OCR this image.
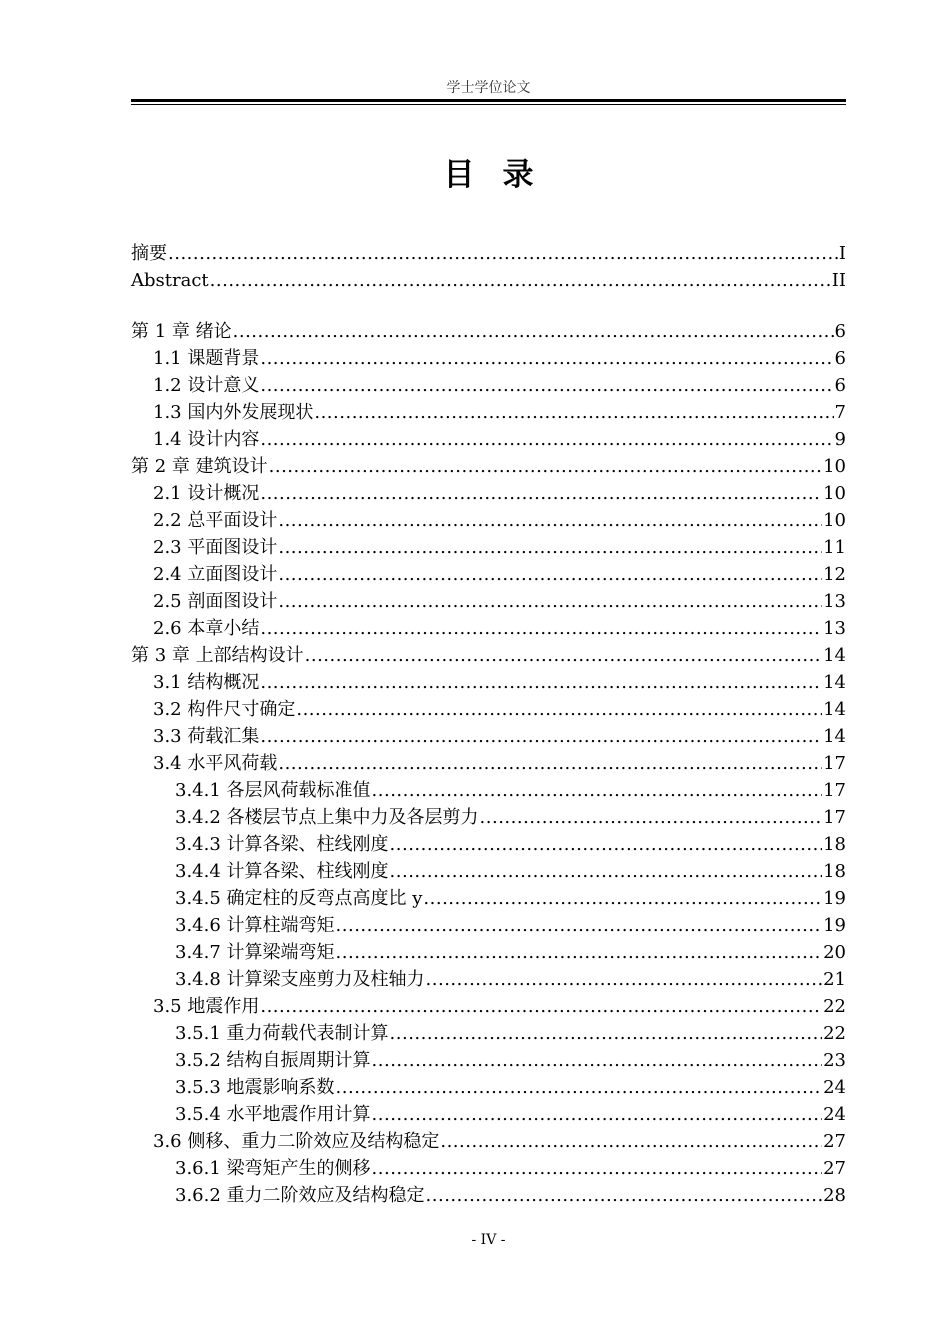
学士学位论文
目录
摘要 .....	I
Abstract .....	II
第 1 章 绪论 .....	6
1.1 课题背景 .....	6
1.2 设计意义 .....	6
1.3 国内外发展现状 .....	7
1.4 设计内容 .....	9
第 2 章 建筑设计 .....	10
2.1 设计概况 .....	10
2.2 总平面设计 .....	10
2.3 平面图设计 .....	11
2.4 立面图设计 .....	12
2.5 剖面图设计 .....	13
2.6 本章小结 .....	13
第 3 章 上部结构设计 .....	14
3.1 结构概况 .....	14
3.2 构件尺寸确定 .....	14
3.3 荷载汇集 .....	14
3.4 水平风荷载 .....	17
3.4.1 各层风荷载标准值 .....	17
3.4.2 各楼层节点上集中力及各层剪力 .....	17
3.4.3 计算各梁、柱线刚度 .....	18
3.4.4 计算各梁、柱线刚度 .....	18
3.4.5 确定柱的反弯点高度比 y .....	19
3.4.6 计算柱端弯矩 .....	19
3.4.7 计算梁端弯矩 .....	20
3.4.8 计算梁支座剪力及柱轴力 .....	21
3.5 地震作用 .....	22
3.5.1 重力荷载代表制计算 .....	22
3.5.2 结构自振周期计算 .....	23
3.5.3 地震影响系数 .....	24
3.5.4 水平地震作用计算 .....	24
3.6 侧移、重力二阶效应及结构稳定 .....	27
3.6.1 梁弯矩产生的侧移 .....	27
3.6.2 重力二阶效应及结构稳定 .....	28
- IV -
